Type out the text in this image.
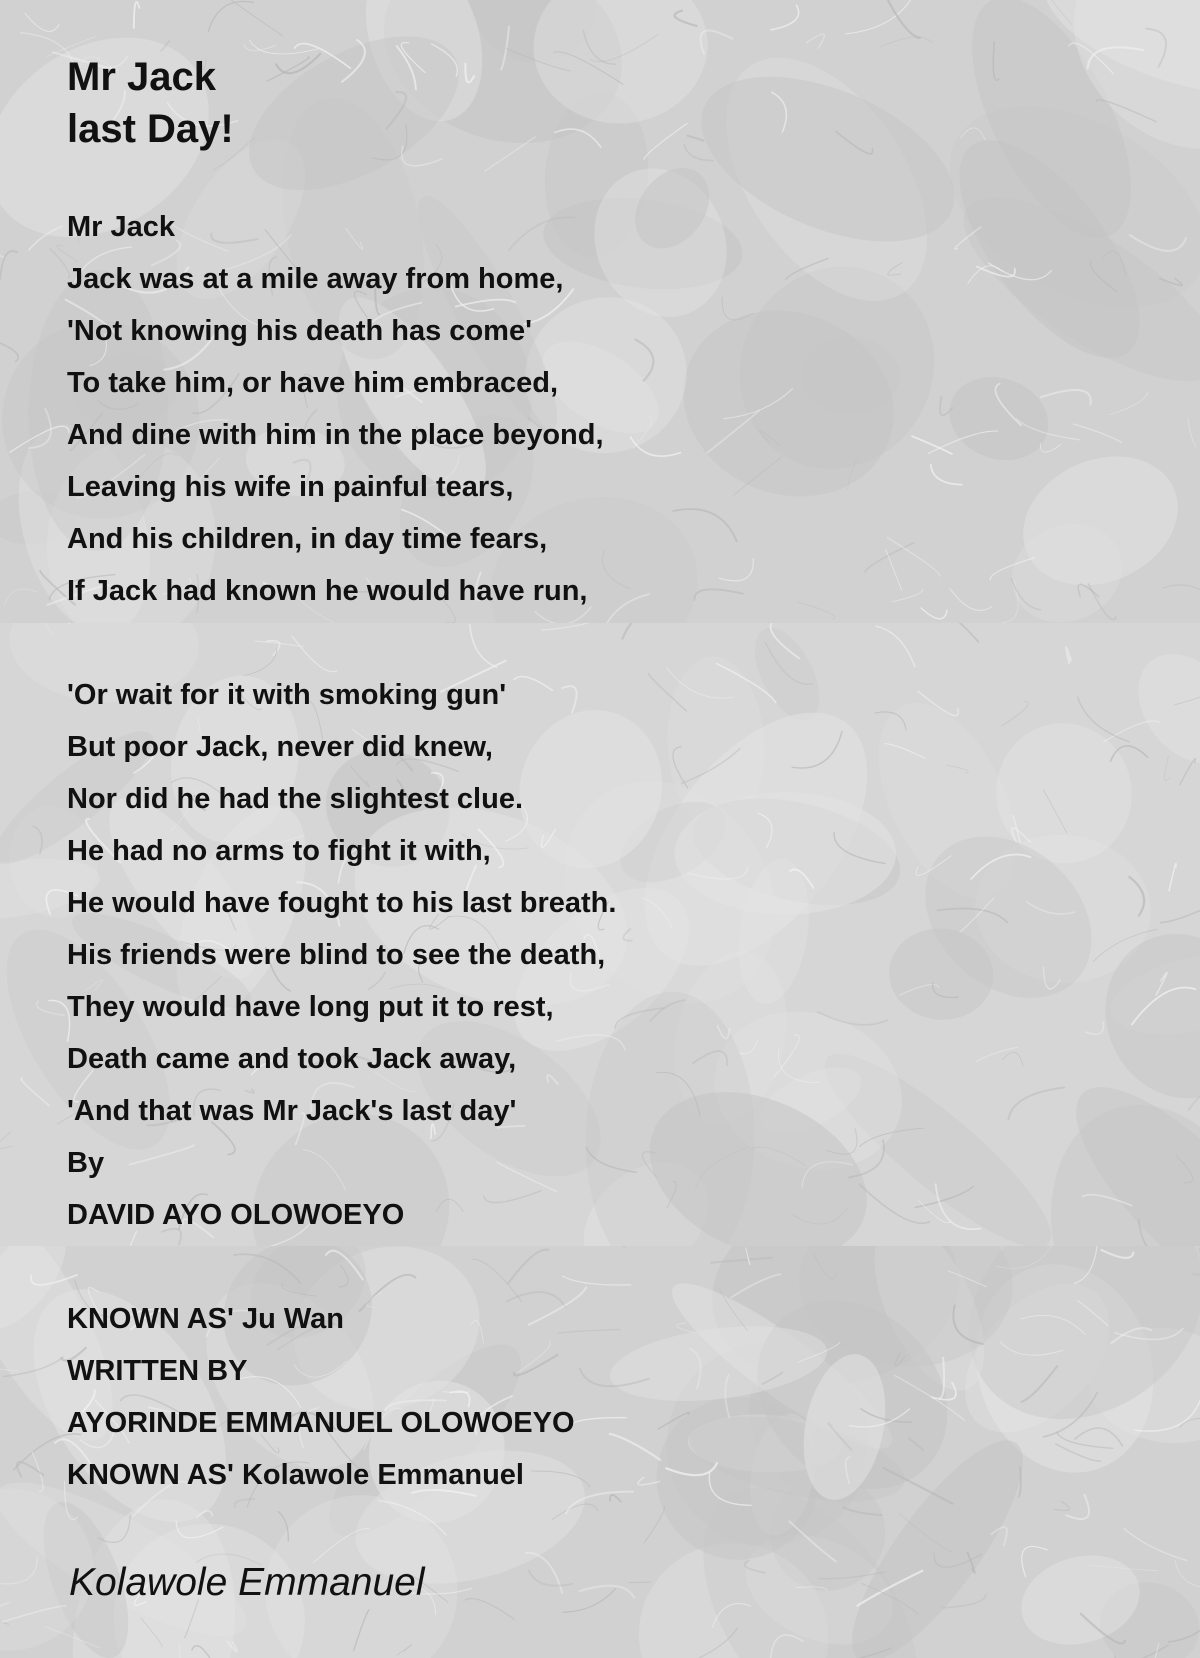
Mr Jack
last Day!
Mr Jack
Jack was at a mile away from home,
'Not knowing his death has come'
To take him, or have him embraced,
And dine with him in the place beyond,
Leaving his wife in painful tears,
And his children, in day time fears,
If Jack had known he would have run,
'Or wait for it with smoking gun'
But poor Jack, never did knew,
Nor did he had the slightest clue.
He had no arms to fight it with,
He would have fought to his last breath.
His friends were blind to see the death,
They would have long put it to rest,
Death came and took Jack away,
'And that was Mr Jack's last day'
By
DAVID AYO OLOWOEYO
KNOWN AS' Ju Wan
WRITTEN BY
AYORINDE EMMANUEL OLOWOEYO
KNOWN AS' Kolawole Emmanuel
Kolawole Emmanuel
